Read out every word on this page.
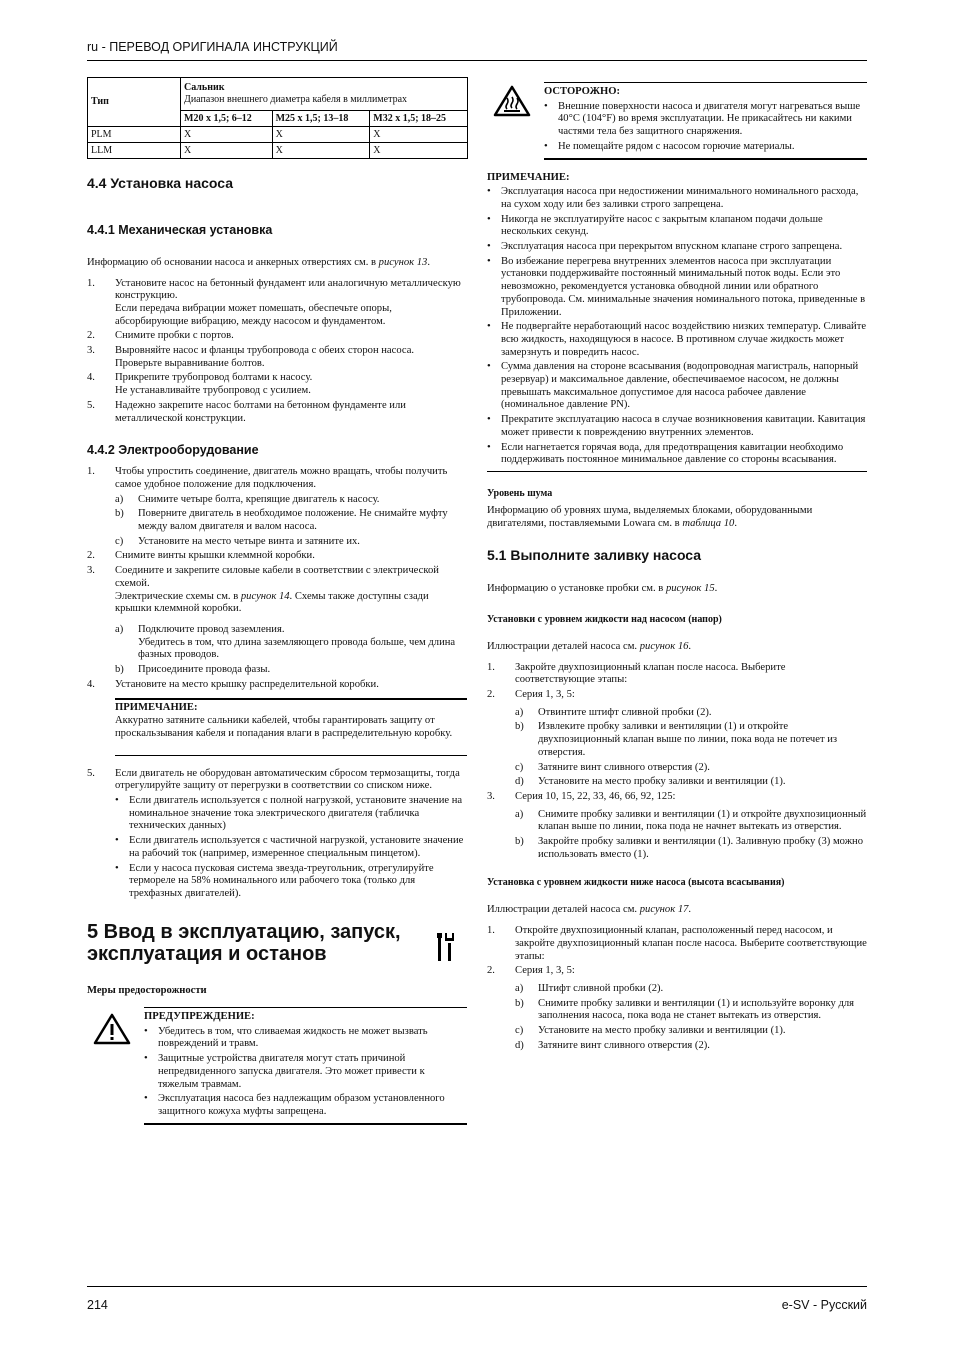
ru - ПЕРЕВОД ОРИГИНАЛА ИНСТРУКЦИЙ
Тип	Сальник
Диапазон внешнего диаметра кабеля в миллиметрах		

	M20 x 1,5; 6–12	M25 x 1,5; 13–18	M32 x 1,5; 18–25
PLM	X	X	X
LLM	X	X	X
4.4 Установка насоса
4.4.1 Механическая установка

Информацию об основании насоса и анкерных отверстиях см. в рисунок 13.

1.	Установите насос на бетонный фундамент или аналогичную металлическую конструкцию.
Если передача вибрации может помешать, обеспечьте опоры, абсорбирующие вибрацию, между насосом и фундаментом.
2.	Снимите пробки с портов.
3.	Выровняйте насос и фланцы трубопровода с обеих сторон насоса.
Проверьте выравнивание болтов.
4.	Прикрепите трубопровод болтами к насосу.
Не устанавливайте трубопровод с усилием.
5.	Надежно закрепите насос болтами на бетонном фундаменте или металлической конструкции.
4.4.2 Электрооборудование
1.	Чтобы упростить соединение, двигатель можно вращать, чтобы получить самое удобное положение для подключения.
a)	Снимите четыре болта, крепящие двигатель к насосу.
b)	Поверните двигатель в необходимое положение. Не снимайте муфту между валом двигателя и валом насоса.
c)	Установите на место четыре винта и затяните их.
2.	Снимите винты крышки клеммной коробки.
3.	Соедините и закрепите силовые кабели в соответствии с электрической схемой.
Электрические схемы см. в рисунок 14. Схемы также доступны сзади крышки клеммной коробки.
a)	Подключите провод заземления.
Убедитесь в том, что длина заземляющего провода больше, чем длина фазных проводов.
b)	Присоедините провода фазы.
4.	Установите на место крышку распределительной коробки.
ПРИМЕЧАНИЕ:
Аккуратно затяните сальники кабелей, чтобы гарантировать защиту от проскальзывания кабеля и попадания влаги в распределительную коробку.
5.	Если двигатель не оборудован автоматическим сбросом термозащиты, тогда отрегулируйте защиту от перегрузки в соответствии со списком ниже.
• Если двигатель используется с полной нагрузкой, установите значение на номинальное значение тока электрического двигателя (табличка технических данных)
• Если двигатель используется с частичной нагрузкой, установите значение на рабочий ток (например, измеренное специальным пинцетом).
• Если у насоса пусковая система звезда-треугольник, отрегулируйте термореле на 58% номинального или рабочего тока (только для трехфазных двигателей).
5 Ввод в эксплуатацию, запуск, эксплуатация и останов

Меры предосторожности

ПРЕДУПРЕЖДЕНИЕ:
• Убедитесь в том, что сливаемая жидкость не может вызвать повреждений и травм.
• Защитные устройства двигателя могут стать причиной непредвиденного запуска двигателя. Это может привести к тяжелым травмам.
• Эксплуатация насоса без надлежащим образом установленного защитного кожуха муфты запрещена.
ОСТОРОЖНО:
• Внешние поверхности насоса и двигателя могут нагреваться выше 40°C (104°F) во время эксплуатации. Не прикасайтесь ни какими частями тела без защитного снаряжения.
• Не помещайте рядом с насосом горючие материалы.
ПРИМЕЧАНИЕ:
• Эксплуатация насоса при недостижении минимального номинального расхода, на сухом ходу или без заливки строго запрещена.
• Никогда не эксплуатируйте насос с закрытым клапаном подачи дольше нескольких секунд.
• Эксплуатация насоса при перекрытом впускном клапане строго запрещена.
• Во избежание перегрева внутренних элементов насоса при эксплуатации установки поддерживайте постоянный минимальный поток воды. Если это невозможно, рекомендуется установка обводной линии или обратного трубопровода. См. минимальные значения номинального потока, приведенные в Приложении.
• Не подвергайте неработающий насос воздействию низких температур. Сливайте всю жидкость, находящуюся в насосе. В противном случае жидкость может замерзнуть и повредить насос.
• Сумма давления на стороне всасывания (водопроводная магистраль, напорный резервуар) и максимальное давление, обеспечиваемое насосом, не должны превышать максимальное допустимое для насоса рабочее давление (номинальное давление PN).
• Прекратите эксплуатацию насоса в случае возникновения кавитации. Кавитация может привести к повреждению внутренних элементов.
• Если нагнетается горячая вода, для предотвращения кавитации необходимо поддерживать постоянное минимальное давление со стороны всасывания.

Уровень шума

Информацию об уровнях шума, выделяемых блоками, оборудованными двигателями, поставляемыми Lowara см. в таблица 10.

5.1 Выполните заливку насоса

Информацию о установке пробки см. в рисунок 15.

Установки с уровнем жидкости над насосом (напор)

Иллюстрации деталей насоса см. рисунок 16.

1.	Закройте двухпозиционный клапан после насоса. Выберите соответствующие этапы:
2.	Серия 1, 3, 5:
a)	Отвинтите штифт сливной пробки (2).
b)	Извлеките пробку заливки и вентиляции (1) и откройте двухпозиционный клапан выше по линии, пока вода не потечет из отверстия.
c)	Затяните винт сливного отверстия (2).
d)	Установите на место пробку заливки и вентиляции (1).
3.	Серия 10, 15, 22, 33, 46, 66, 92, 125:
a)	Снимите пробку заливки и вентиляции (1) и откройте двухпозиционный клапан выше по линии, пока пода не начнет вытекать из отверстия.
b)	Закройте пробку заливки и вентиляции (1). Заливную пробку (3) можно использовать вместо (1).

Установка с уровнем жидкости ниже насоса (высота всасывания)

Иллюстрации деталей насоса см. рисунок 17.

1.	Откройте двухпозиционный клапан, расположенный перед насосом, и закройте двухпозиционный клапан после насоса. Выберите соответствующие этапы:
2.	Серия 1, 3, 5:
a)	Штифт сливной пробки (2).
b)	Снимите пробку заливки и вентиляции (1) и используйте воронку для заполнения насоса, пока вода не станет вытекать из отверстия.
c)	Установите на место пробку заливки и вентиляции (1).
d)	Затяните винт сливного отверстия (2).
214	e-SV - Русский
